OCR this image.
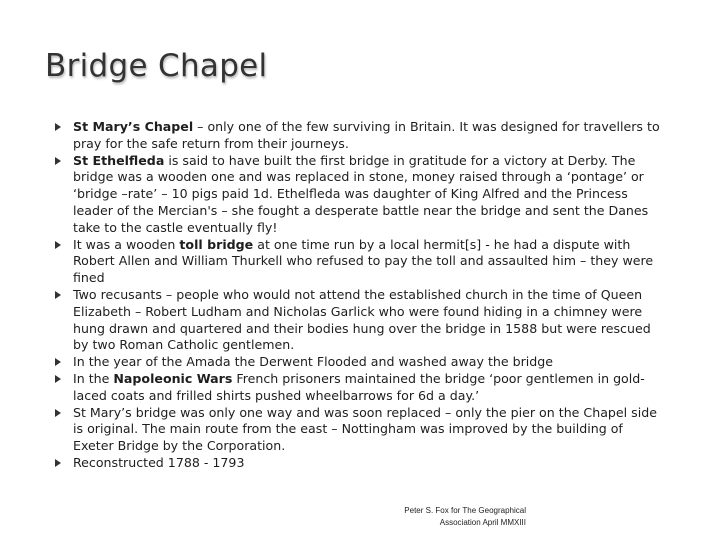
Bridge Chapel
St Mary’s Chapel – only one of the few surviving in Britain. It was designed for travellers to pray for the safe return from their journeys.
St Ethelfleda is said to have built the first bridge in gratitude for a victory at Derby. The bridge was a wooden one and was replaced in stone, money raised through a ‘pontage’ or ‘bridge –rate’ – 10 pigs paid 1d. Ethelfleda was daughter of King Alfred and the Princess leader of the Mercian's – she fought a desperate battle near the bridge and sent the Danes take to the castle eventually fly!
It was a wooden toll bridge at one time run by a local hermit[s] - he had a dispute with Robert Allen and William Thurkell who refused to pay the toll and assaulted him – they were fined
Two recusants – people who would not attend the established church in the time of Queen Elizabeth – Robert Ludham and Nicholas Garlick who were found hiding in a chimney were hung drawn and quartered and their bodies hung over the bridge in 1588 but were rescued by two Roman Catholic gentlemen.
In the year of the Amada the Derwent Flooded and washed away the bridge
In the Napoleonic Wars French prisoners maintained the bridge ‘poor gentlemen in gold-laced coats and frilled shirts pushed wheelbarrows for 6d a day.’
St Mary’s bridge was only one way and was soon replaced – only the pier on the Chapel side is original. The main route from the east – Nottingham was improved by the building of Exeter Bridge by the Corporation.
Reconstructed 1788 - 1793
Peter S. Fox for The Geographical
Association April MMXIII
